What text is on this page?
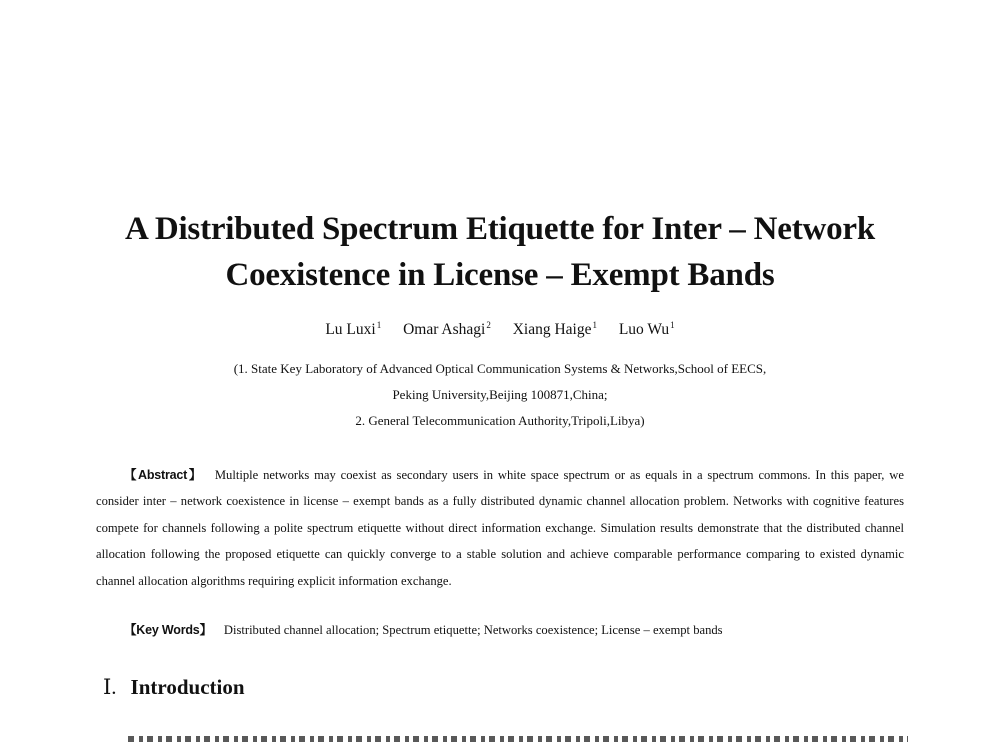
A Distributed Spectrum Etiquette for Inter – Network
Coexistence in License – Exempt Bands
Lu Luxi$^1$ Omar Ashagi$^2$ Xiang Haige$^1$ Luo Wu$^1$
(1. State Key Laboratory of Advanced Optical Communication Systems & Networks,School of EECS,
Peking University,Beijing 100871,China;
2. General Telecommunication Authority,Tripoli,Libya)

【Abstract】 Multiple networks may coexist as secondary users in white space spectrum or as equals in a spectrum commons. In this paper, we consider inter – network coexistence in license – exempt bands as a fully distributed dynamic channel allocation problem. Networks with cognitive features compete for channels following a polite spectrum etiquette without direct information exchange. Simulation results demonstrate that the distributed channel allocation following the proposed etiquette can quickly converge to a stable solution and achieve comparable performance comparing to existed dynamic channel allocation algorithms requiring explicit information exchange.

【Key Words】 Distributed channel allocation; Spectrum etiquette; Networks coexistence; License – exempt bands

Ⅰ. Introduction
